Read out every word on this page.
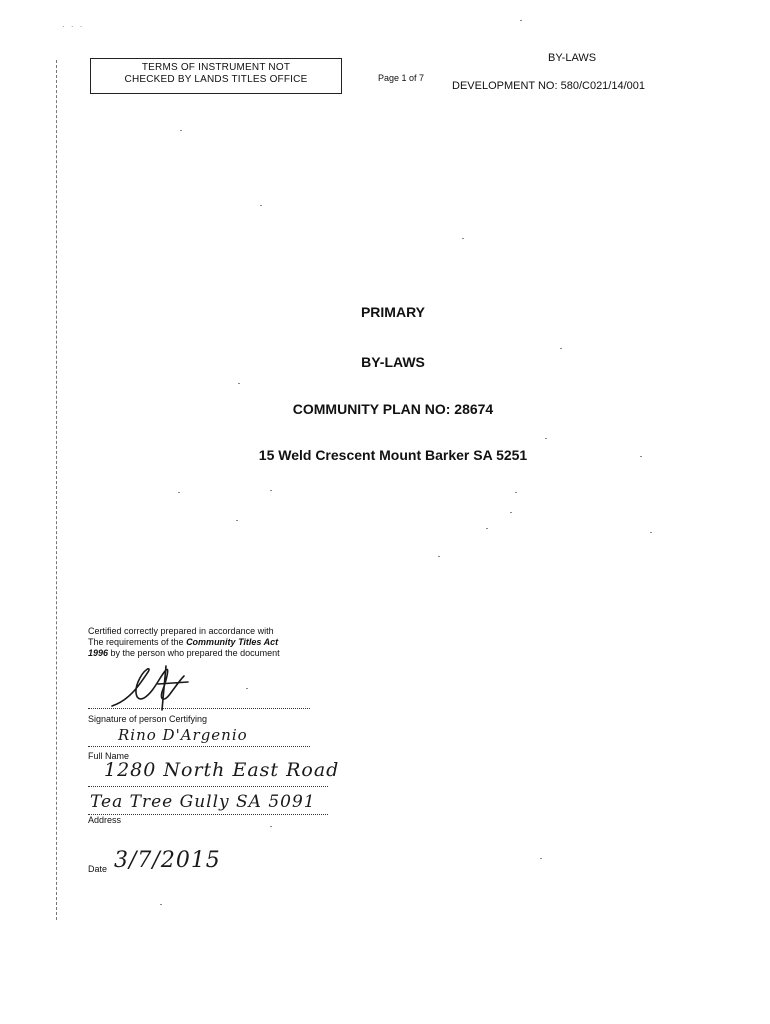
· · ·
TERMS OF INSTRUMENT NOT
CHECKED BY LANDS TITLES OFFICE	Page 1 of 7
BY-LAWS
DEVELOPMENT NO: 580/C021/14/001
PRIMARY
BY-LAWS
COMMUNITY PLAN NO: 28674
15 Weld Crescent Mount Barker SA 5251
Certified correctly prepared in accordance with
The requirements of the Community Titles Act
1996 by the person who prepared the document
Signature of person Certifying
Rino D'Argenio
Full Name
1280 North East Road
Tea Tree Gully SA 5091
Address
Date 3/7/2015
